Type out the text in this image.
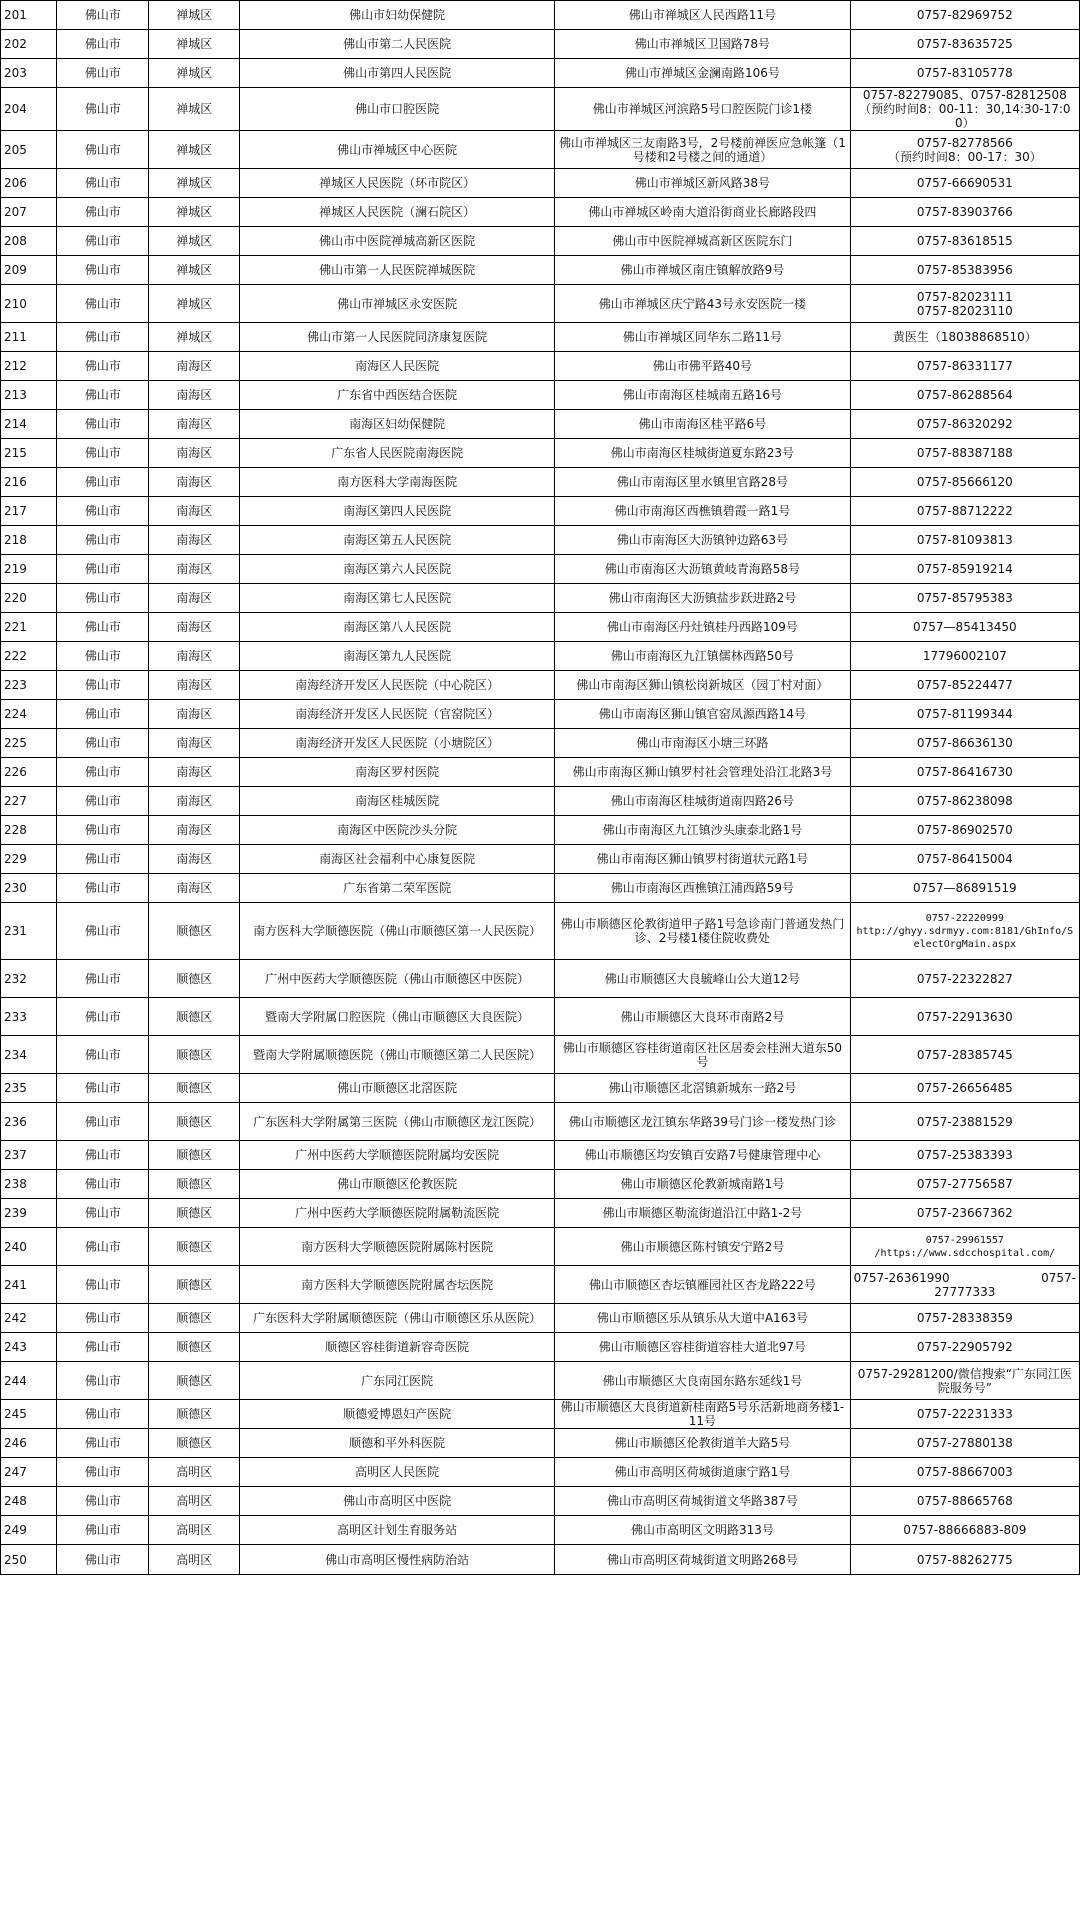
201	佛山市	禅城区	佛山市妇幼保健院	佛山市禅城区人民西路11号	0757-82969752
202	佛山市	禅城区	佛山市第二人民医院	佛山市禅城区卫国路78号	0757-83635725
203	佛山市	禅城区	佛山市第四人民医院	佛山市禅城区金澜南路106号	0757-83105778
204	佛山市	禅城区	佛山市口腔医院	佛山市禅城区河滨路5号口腔医院门诊1楼	0757-82279085、0757-82812508（预约时间8：00-11：30,14:30-17:00）
205	佛山市	禅城区	佛山市禅城区中心医院	佛山市禅城区三友南路3号，2号楼前禅医应急帐篷（1号楼和2号楼之间的通道）	0757-82778566
（预约时间8：00-17：30）

206	佛山市	禅城区	禅城区人民医院（环市院区）	佛山市禅城区新风路38号	0757-66690531
207	佛山市	禅城区	禅城区人民医院（澜石院区）	佛山市禅城区岭南大道沿街商业长廊路段四	0757-83903766
208	佛山市	禅城区	佛山市中医院禅城高新区医院	佛山市中医院禅城高新区医院东门	0757-83618515
209	佛山市	禅城区	佛山市第一人民医院禅城医院	佛山市禅城区南庄镇解放路9号	0757-85383956
210	佛山市	禅城区	佛山市禅城区永安医院	佛山市禅城区庆宁路43号永安医院一楼	0757-82023111
0757-82023110

211	佛山市	禅城区	佛山市第一人民医院同济康复医院	佛山市禅城区同华东二路11号	黄医生（18038868510）
212	佛山市	南海区	南海区人民医院	佛山市佛平路40号	0757-86331177
213	佛山市	南海区	广东省中西医结合医院	佛山市南海区桂城南五路16号	0757-86288564
214	佛山市	南海区	南海区妇幼保健院	佛山市南海区桂平路6号	0757-86320292
215	佛山市	南海区	广东省人民医院南海医院	佛山市南海区桂城街道夏东路23号	0757-88387188
216	佛山市	南海区	南方医科大学南海医院	佛山市南海区里水镇里官路28号	0757-85666120
217	佛山市	南海区	南海区第四人民医院	佛山市南海区西樵镇碧霞一路1号	0757-88712222
218	佛山市	南海区	南海区第五人民医院	佛山市南海区大沥镇钟边路63号	0757-81093813
219	佛山市	南海区	南海区第六人民医院	佛山市南海区大沥镇黄岐青海路58号	0757-85919214
220	佛山市	南海区	南海区第七人民医院	佛山市南海区大沥镇盐步跃进路2号	0757-85795383
221	佛山市	南海区	南海区第八人民医院	佛山市南海区丹灶镇桂丹西路109号	0757—85413450
222	佛山市	南海区	南海区第九人民医院	佛山市南海区九江镇儒林西路50号	17796002107
223	佛山市	南海区	南海经济开发区人民医院（中心院区）	佛山市南海区狮山镇松岗新城区（园丁村对面）	0757-85224477
224	佛山市	南海区	南海经济开发区人民医院（官窑院区）	佛山市南海区狮山镇官窑凤源西路14号	0757-81199344
225	佛山市	南海区	南海经济开发区人民医院（小塘院区）	佛山市南海区小塘三环路	0757-86636130
226	佛山市	南海区	南海区罗村医院	佛山市南海区狮山镇罗村社会管理处沿江北路3号	0757-86416730
227	佛山市	南海区	南海区桂城医院	佛山市南海区桂城街道南四路26号	0757-86238098
228	佛山市	南海区	南海区中医院沙头分院	佛山市南海区九江镇沙头康泰北路1号	0757-86902570
229	佛山市	南海区	南海区社会福利中心康复医院	佛山市南海区狮山镇罗村街道状元路1号	0757-86415004
230	佛山市	南海区	广东省第二荣军医院	佛山市南海区西樵镇江浦西路59号	0757—86891519
231	佛山市	顺德区	南方医科大学顺德医院（佛山市顺德区第一人民医院）	佛山市顺德区伦教街道甲子路1号急诊南门普通发热门诊、2号楼1楼住院收费处	0757-22220999
http://ghyy.sdrmyy.com:8181/GhInfo/SelectOrgMain.aspx

232	佛山市	顺德区	广州中医药大学顺德医院（佛山市顺德区中医院）	佛山市顺德区大良毓峰山公大道12号	0757-22322827
233	佛山市	顺德区	暨南大学附属口腔医院（佛山市顺德区大良医院）	佛山市顺德区大良环市南路2号	0757-22913630
234	佛山市	顺德区	暨南大学附属顺德医院（佛山市顺德区第二人民医院）	佛山市顺德区容桂街道南区社区居委会桂洲大道东50号	0757-28385745
235	佛山市	顺德区	佛山市顺德区北滘医院	佛山市顺德区北滘镇新城东一路2号	0757-26656485
236	佛山市	顺德区	广东医科大学附属第三医院（佛山市顺德区龙江医院）	佛山市顺德区龙江镇东华路39号门诊一楼发热门诊	0757-23881529
237	佛山市	顺德区	广州中医药大学顺德医院附属均安医院	佛山市顺德区均安镇百安路7号健康管理中心	0757-25383393
238	佛山市	顺德区	佛山市顺德区伦教医院	佛山市顺德区伦教新城南路1号	0757-27756587
239	佛山市	顺德区	广州中医药大学顺德医院附属勒流医院	佛山市顺德区勒流街道沿江中路1-2号	0757-23667362
240	佛山市	顺德区	南方医科大学顺德医院附属陈村医院	佛山市顺德区陈村镇安宁路2号	0757-29961557
/https://www.sdcchospital.com/

241	佛山市	顺德区	南方医科大学顺德医院附属杏坛医院	佛山市顺德区杏坛镇雁园社区杏龙路222号	0757-26361990 0757-
27777333

242	佛山市	顺德区	广东医科大学附属顺德医院（佛山市顺德区乐从医院）	佛山市顺德区乐从镇乐从大道中A163号	0757-28338359
243	佛山市	顺德区	顺德区容桂街道新容奇医院	佛山市顺德区容桂街道容桂大道北97号	0757-22905792
244	佛山市	顺德区	广东同江医院	佛山市顺德区大良南国东路东延线1号	0757-29281200/微信搜索“广东同江医院服务号”
245	佛山市	顺德区	顺德爱博恩妇产医院	佛山市顺德区大良街道新桂南路5号乐活新地商务楼1-11号	0757-22231333
246	佛山市	顺德区	顺德和平外科医院	佛山市顺德区伦教街道羊大路5号	0757-27880138
247	佛山市	高明区	高明区人民医院	佛山市高明区荷城街道康宁路1号	0757-88667003
248	佛山市	高明区	佛山市高明区中医院	佛山市高明区荷城街道文华路387号	0757-88665768
249	佛山市	高明区	高明区计划生育服务站	佛山市高明区文明路313号	0757-88666883-809
250	佛山市	高明区	佛山市高明区慢性病防治站	佛山市高明区荷城街道文明路268号	0757-88262775
